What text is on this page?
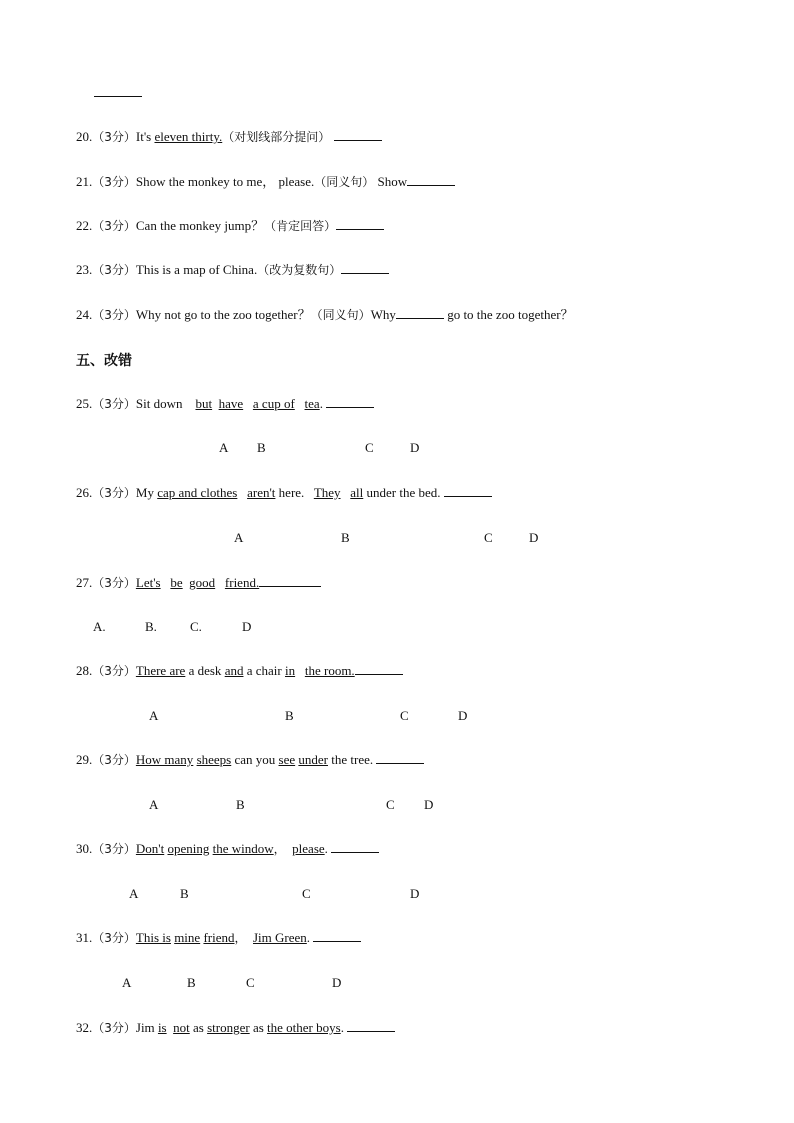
20.（3分）It's eleven thirty.（对划线部分提问）
21.（3分）Show the monkey to me， please.（同义句） Show
22.（3分）Can the monkey jump？（肯定回答）
23.（3分）This is a map of China.（改为复数句）
24.（3分）Why not go to the zoo together？（同义句）Why	go to the zoo together？
五、改错
25.（3分）Sit down    but have a cup of tea.
A B	C	D
26.（3分）My cap and clothes aren't here. They all under the bed.
A	B	C	D
27.（3分）Let's be good friend.
A.	B.	C.	D
28.（3分）There are a desk and a chair in the room.
A	B	C	D
29.（3分）How many sheeps can you see under the tree.
A	B	C D
30.（3分）Don't opening the window， please.
A	B	C	D
31.（3分）This is mine friend， Jim Green.
A	B	C	D
32.（3分）Jim is not as stronger as the other boys.
